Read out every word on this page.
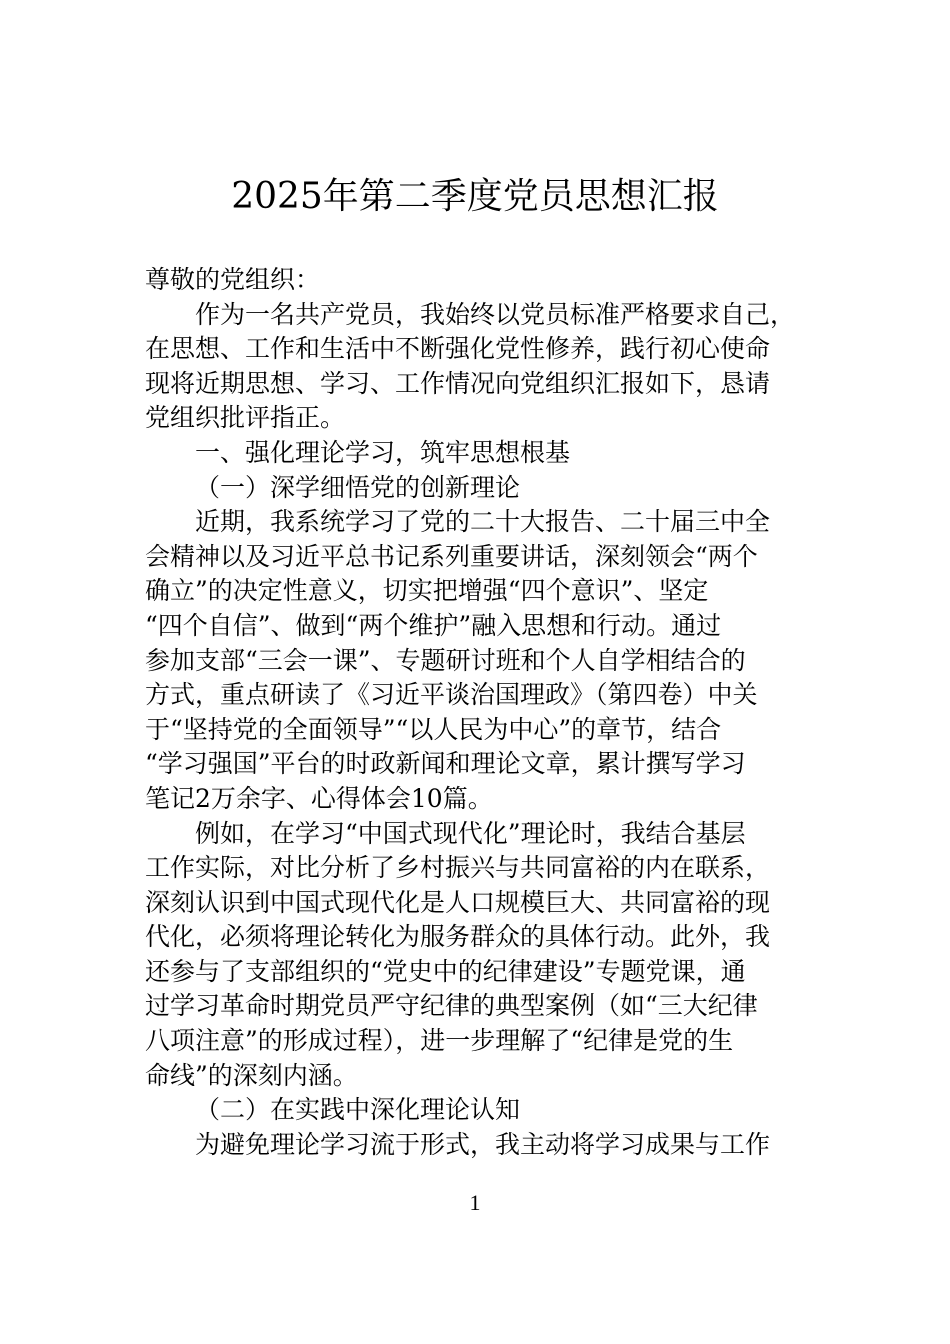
2025年第二季度党员思想汇报
尊敬的党组织：
作为一名共产党员，我始终以党员标准严格要求自己，
在思想、工作和生活中不断强化党性修养，践行初心使命
现将近期思想、学习、工作情况向党组织汇报如下，恳请
党组织批评指正。
一、强化理论学习，筑牢思想根基
（一）深学细悟党的创新理论
近期，我系统学习了党的二十大报告、二十届三中全
会精神以及习近平总书记系列重要讲话，深刻领会“两个
确立”的决定性意义，切实把增强“四个意识”、坚定
“四个自信”、做到“两个维护”融入思想和行动。通过
参加支部“三会一课”、专题研讨班和个人自学相结合的
方式，重点研读了《习近平谈治国理政》（第四卷）中关
于“坚持党的全面领导”“以人民为中心”的章节，结合
“学习强国”平台的时政新闻和理论文章，累计撰写学习
笔记2万余字、心得体会10篇。
例如，在学习“中国式现代化”理论时，我结合基层
工作实际，对比分析了乡村振兴与共同富裕的内在联系，
深刻认识到中国式现代化是人口规模巨大、共同富裕的现
代化，必须将理论转化为服务群众的具体行动。此外，我
还参与了支部组织的“党史中的纪律建设”专题党课，通
过学习革命时期党员严守纪律的典型案例（如“三大纪律
八项注意”的形成过程），进一步理解了“纪律是党的生
命线”的深刻内涵。
（二）在实践中深化理论认知
为避免理论学习流于形式，我主动将学习成果与工作
1
